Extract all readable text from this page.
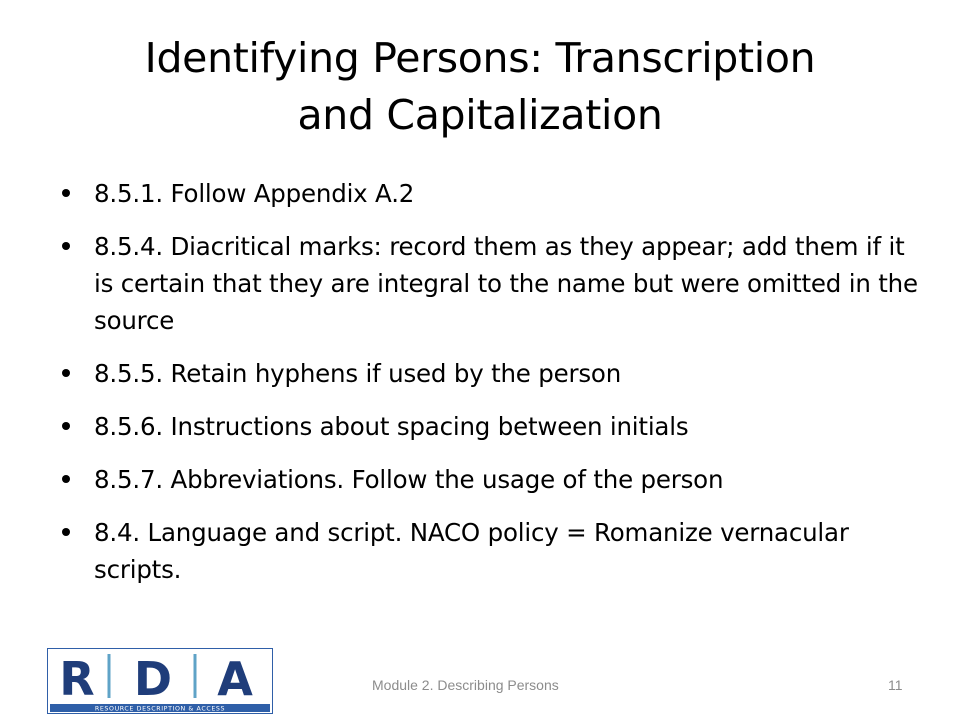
Identifying Persons: Transcription
and Capitalization
8.5.1. Follow Appendix A.2
8.5.4. Diacritical marks: record them as they appear; add them if it is certain that they are integral to the name but were omitted in the source
8.5.5. Retain hyphens if used by the person
8.5.6. Instructions about spacing between initials
8.5.7. Abbreviations. Follow the usage of the person
8.4. Language and script. NACO policy = Romanize vernacular scripts.
R D A
RESOURCE DESCRIPTION & ACCESS
Module 2. Describing Persons	11
